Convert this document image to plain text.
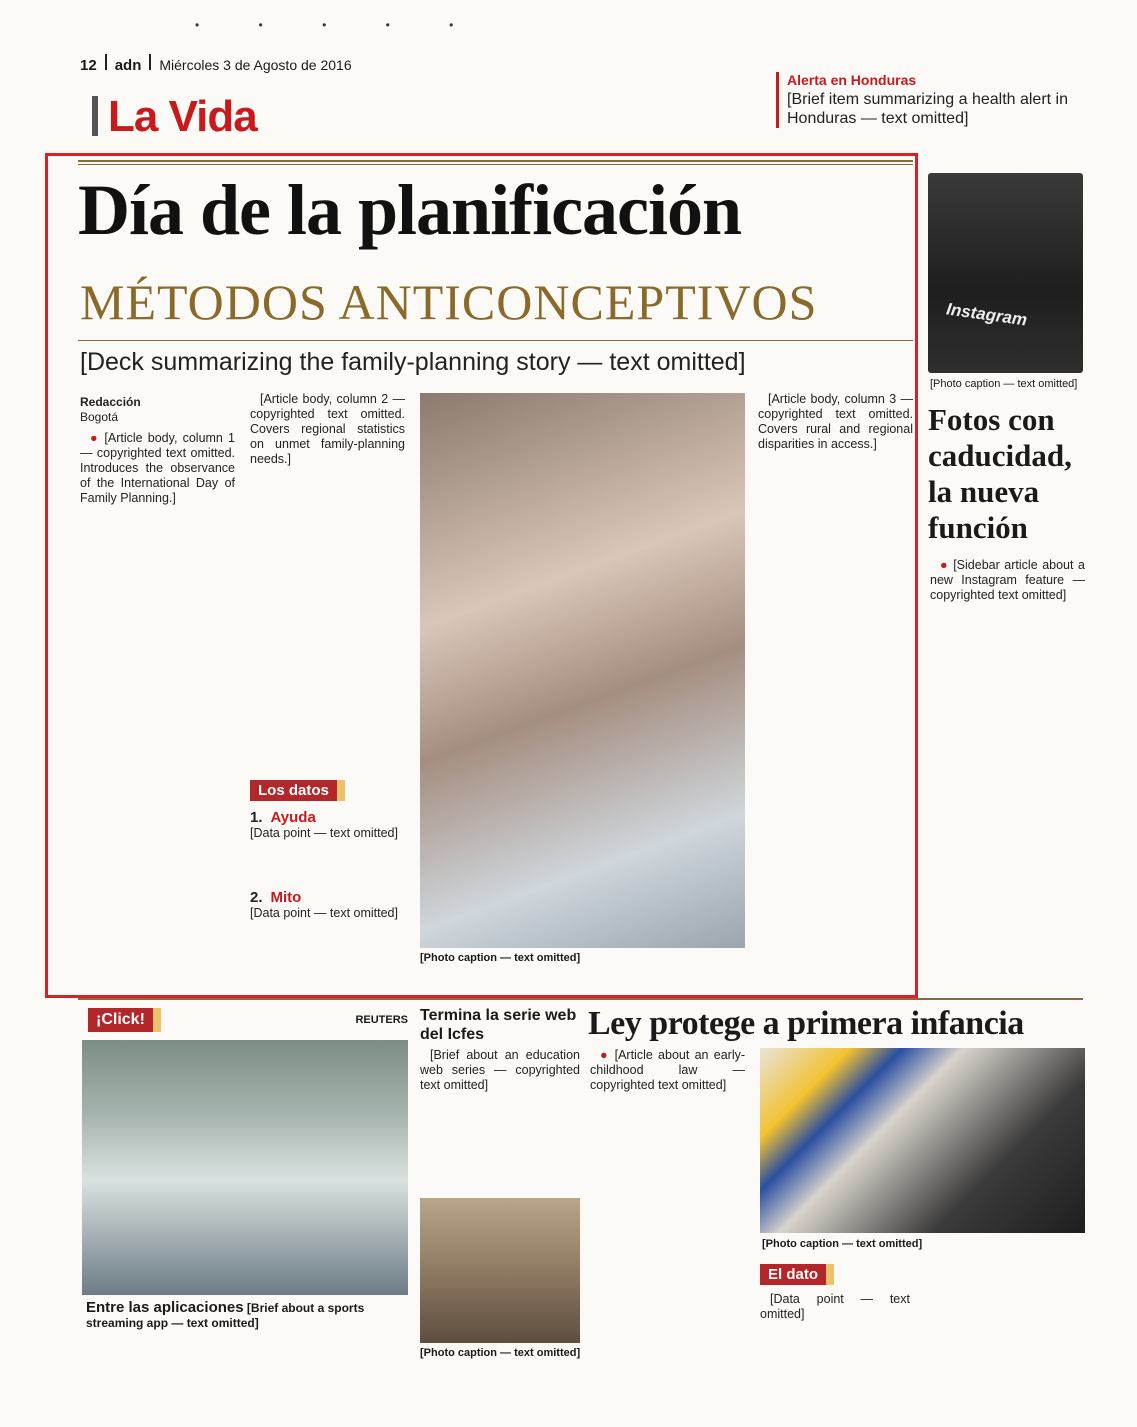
• • • • •
12 adn Miércoles 3 de Agosto de 2016
La Vida
Alerta en Honduras
[Brief item summarizing a health alert in Honduras — text omitted]
Día de la planificación
MÉTODOS ANTICONCEPTIVOS
[Deck summarizing the family-planning story — text omitted]
Redacción
Bogotá

● [Article body, column 1 — copyrighted text omitted. Introduces the observance of the International Day of Family Planning.]

[Article body, column 2 — copyrighted text omitted. Covers regional statistics on unmet family-planning needs.]

Los datos
1. Ayuda
[Data point — text omitted]
2. Mito
[Data point — text omitted]
[Photo caption — text omitted]

[Article body, column 3 — copyrighted text omitted. Covers rural and regional disparities in access.]

Instagram
[Photo caption — text omitted]
Fotos con caducidad, la nueva función

● [Sidebar article about a new Instagram feature — copyrighted text omitted]

¡Click!	REUTERS
Entre las aplicaciones [Brief about a sports streaming app — text omitted]
Termina la serie web del Icfes

[Brief about an education web series — copyrighted text omitted]

[Photo caption — text omitted]
Ley protege a primera infancia

● [Article about an early-childhood law — copyrighted text omitted]

[Photo caption — text omitted]
El dato

[Data point — text omitted]
